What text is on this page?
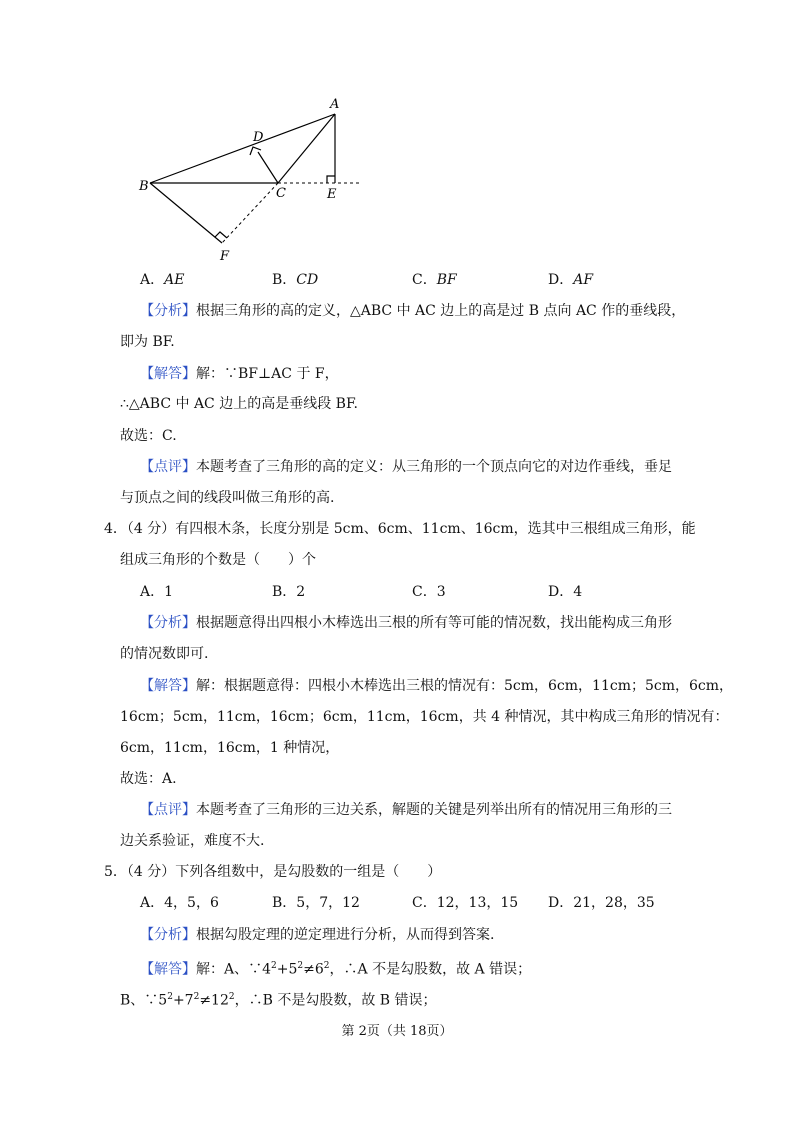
A
B	C
D
E
F
A．AE	B．CD	C．BF	D．AF
【分析】根据三角形的高的定义，△ABC 中 AC 边上的高是过 B 点向 AC 作的垂线段，
即为 BF.
【解答】解：∵BF⊥AC 于 F，
∴△ABC 中 AC 边上的高是垂线段 BF.
故选：C.
【点评】本题考查了三角形的高的定义：从三角形的一个顶点向它的对边作垂线，垂足
与顶点之间的线段叫做三角形的高.
4．（4 分）有四根木条，长度分别是 5cm、6cm、11cm、16cm，选其中三根组成三角形，能
组成三角形的个数是（　　）个
A．1	B．2	C．3	D．4
【分析】根据题意得出四根小木棒选出三根的所有等可能的情况数，找出能构成三角形
的情况数即可.
【解答】解：根据题意得：四根小木棒选出三根的情况有：5cm，6cm，11cm；5cm，6cm，
16cm；5cm，11cm，16cm；6cm，11cm，16cm，共 4 种情况，其中构成三角形的情况有：
6cm，11cm，16cm，1 种情况，
故选：A.
【点评】本题考查了三角形的三边关系，解题的关键是列举出所有的情况用三角形的三
边关系验证，难度不大.
5．（4 分）下列各组数中，是勾股数的一组是（　　）
A．4，5，6	B．5，7，12	C．12，13，15 D．21，28，35
【分析】根据勾股定理的逆定理进行分析，从而得到答案.
【解答】解：A、$\because 4^2+5^2\ne 6^2$，∴A 不是勾股数，故 A 错误；
B、$\because 5^2+7^2\ne 12^2$，∴B 不是勾股数，故 B 错误；
第 2页（共 18页）
